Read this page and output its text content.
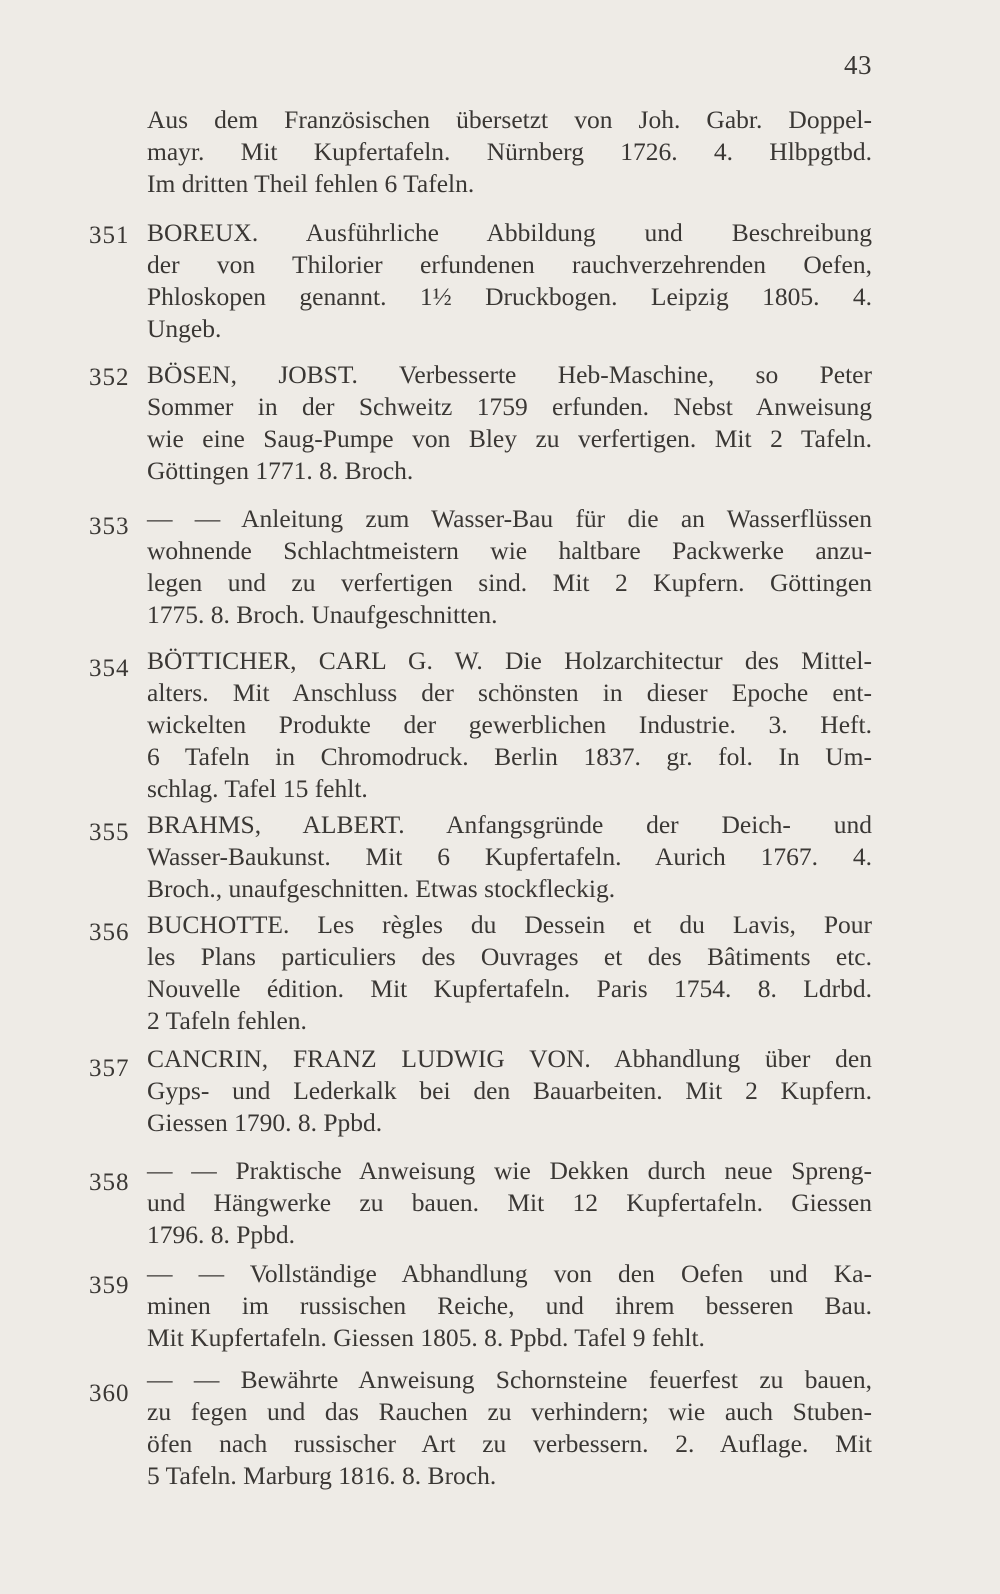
43
Aus dem Französischen übersetzt von Joh. Gabr. Doppel-
mayr. Mit Kupfertafeln. Nürnberg 1726. 4. Hlbpgtbd.
Im dritten Theil fehlen 6 Tafeln.
351 BOREUX. Ausführliche Abbildung und Beschreibung
der von Thilorier erfundenen rauchverzehrenden Oefen,
Phloskopen genannt. 1½ Druckbogen. Leipzig 1805. 4.
Ungeb.
352 BÖSEN, JOBST. Verbesserte Heb-Maschine, so Peter
Sommer in der Schweitz 1759 erfunden. Nebst Anweisung
wie eine Saug-Pumpe von Bley zu verfertigen. Mit 2 Tafeln.
Göttingen 1771. 8. Broch.
353 — — Anleitung zum Wasser-Bau für die an Wasserflüssen
wohnende Schlachtmeistern wie haltbare Packwerke anzu-
legen und zu verfertigen sind. Mit 2 Kupfern. Göttingen
1775. 8. Broch. Unaufgeschnitten.
354 BÖTTICHER, CARL G. W. Die Holzarchitectur des Mittel-
alters. Mit Anschluss der schönsten in dieser Epoche ent-
wickelten Produkte der gewerblichen Industrie. 3. Heft.
6 Tafeln in Chromodruck. Berlin 1837. gr. fol. In Um-
schlag. Tafel 15 fehlt.
355 BRAHMS, ALBERT. Anfangsgründe der Deich- und
Wasser-Baukunst. Mit 6 Kupfertafeln. Aurich 1767. 4.
Broch., unaufgeschnitten. Etwas stockfleckig.
356 BUCHOTTE. Les règles du Dessein et du Lavis, Pour
les Plans particuliers des Ouvrages et des Bâtiments etc.
Nouvelle édition. Mit Kupfertafeln. Paris 1754. 8. Ldrbd.
2 Tafeln fehlen.
357 CANCRIN, FRANZ LUDWIG VON. Abhandlung über den
Gyps- und Lederkalk bei den Bauarbeiten. Mit 2 Kupfern.
Giessen 1790. 8. Ppbd.
358 — — Praktische Anweisung wie Dekken durch neue Spreng-
und Hängwerke zu bauen. Mit 12 Kupfertafeln. Giessen
1796. 8. Ppbd.
359 — — Vollständige Abhandlung von den Oefen und Ka-
minen im russischen Reiche, und ihrem besseren Bau.
Mit Kupfertafeln. Giessen 1805. 8. Ppbd. Tafel 9 fehlt.
360 — — Bewährte Anweisung Schornsteine feuerfest zu bauen,
zu fegen und das Rauchen zu verhindern; wie auch Stuben-
öfen nach russischer Art zu verbessern. 2. Auflage. Mit
5 Tafeln. Marburg 1816. 8. Broch.
